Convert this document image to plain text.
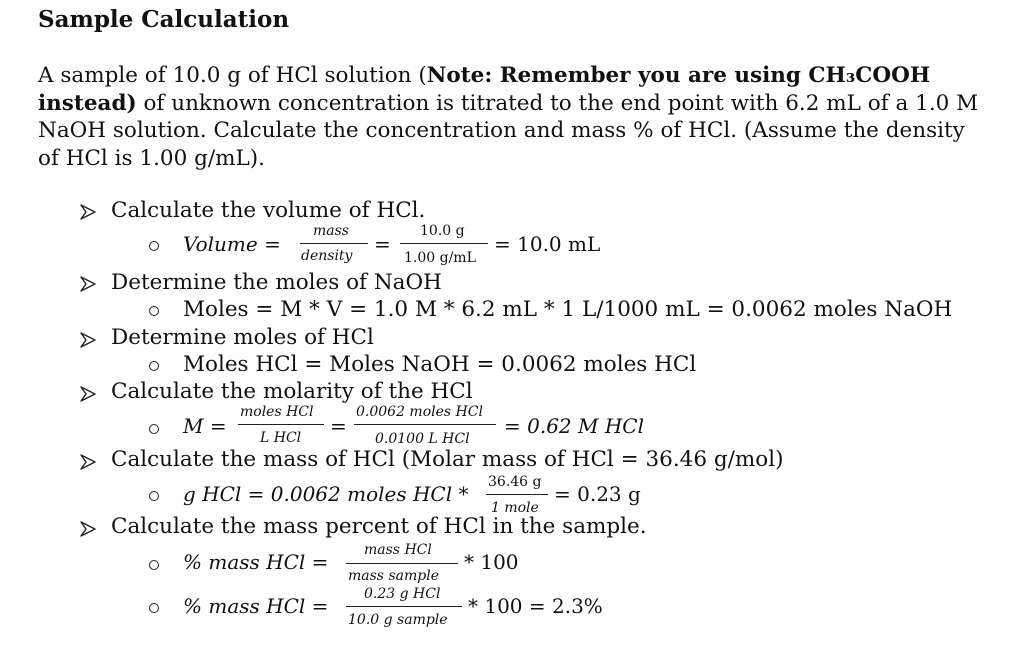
Sample Calculation
A sample of 10.0 g of HCl solution (Note: Remember you are using CH₃COOH instead) of unknown concentration is titrated to the end point with 6.2 mL of a 1.0 M NaOH solution. Calculate the concentration and mass % of HCl. (Assume the density of HCl is 1.00 g/mL).
Calculate the volume of HCl.
Volume =
mass
density =
10.0 g
1.00 g/mL
= 10.0 mL
Determine the moles of NaOH
Moles = M * V = 1.0 M * 6.2 mL * 1 L/1000 mL = 0.0062 moles NaOH
Determine moles of HCl
Moles HCl = Moles NaOH = 0.0062 moles HCl
Calculate the molarity of the HCl
M =
moles HCl
L HCl =
0.0062 moles HCl
0.0100 L HCl
= 0.62 M HCl
Calculate the mass of HCl (Molar mass of HCl = 36.46 g/mol)
g HCl = 0.0062 moles HCl * 36.46 g
1 mole
= 0.23 g
Calculate the mass percent of HCl in the sample.
% mass HCl =	mass HCl
mass sample
* 100
% mass HCl =	0.23 g HCl
10.0 g sample
* 100 = 2.3%
